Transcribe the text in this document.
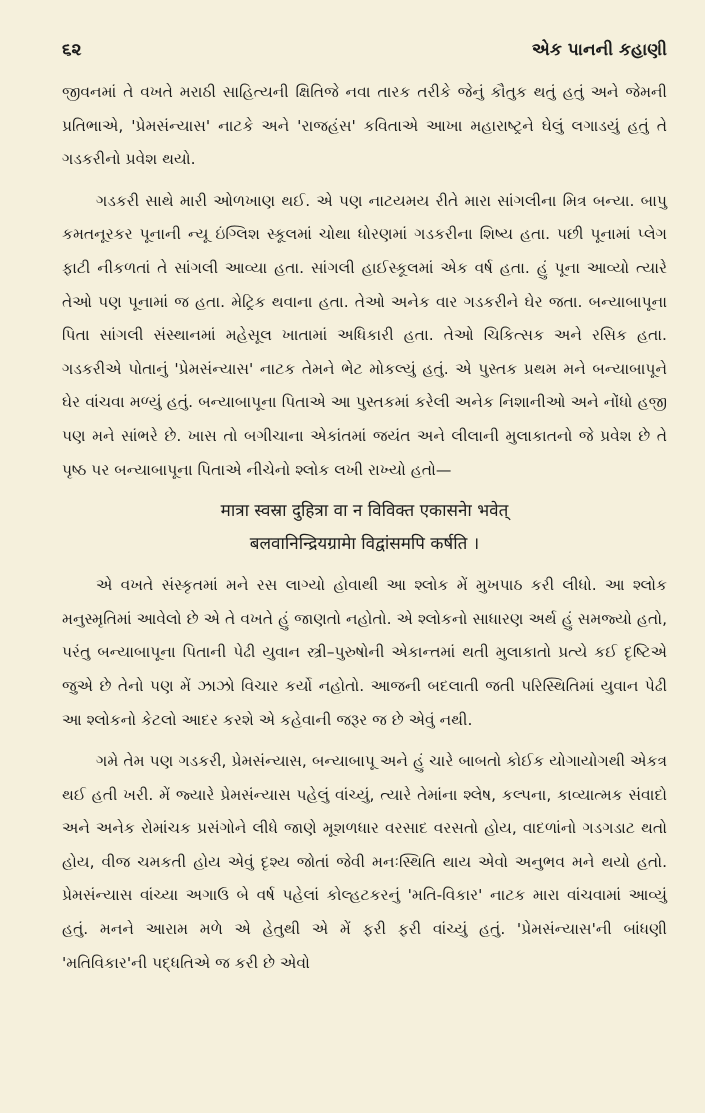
૬૨	એક પાનની કહાણી

જીવનમાં તે વખતે મરાઠી સાહિત્યની ક્ષિતિજે નવા તારક તરીકે જેનું કૌતુક થતું હતું અને જેમની પ્રતિભાએ, 'પ્રેમસંન્યાસ' નાટકે અને 'રાજહંસ' કવિતાએ આખા મહારાષ્ટ્રને ઘેલું લગાડયું હતું તે ગડકરીનો પ્રવેશ થયો.

ગડકરી સાથે મારી ઓળખાણ થઈ. એ પણ નાટયમય રીતે મારા સાંગલીના મિત્ર બન્યા. બાપુ કમતનૂરકર પૂનાની ન્યૂ ઇંગ્લિશ સ્કૂલમાં ચોથા ધોરણમાં ગડકરીના શિષ્ય હતા. પછી પૂનામાં પ્લેગ ફાટી નીકળતાં તે સાંગલી આવ્યા હતા. સાંગલી હાઈસ્કૂલમાં એક વર્ષ હતા. હું પૂના આવ્યો ત્યારે તેઓ પણ પૂનામાં જ હતા. મેટ્રિક થવાના હતા. તેઓ અનેક વાર ગડકરીને ઘેર જતા. બન્યાબાપૂના પિતા સાંગલી સંસ્થાનમાં મહેસૂલ ખાતામાં અધિકારી હતા. તેઓ ચિકિત્સક અને રસિક હતા. ગડકરીએ પોતાનું 'પ્રેમસંન્યાસ' નાટક તેમને ભેટ મોકલ્યું હતું. એ પુસ્તક પ્રથમ મને બન્યાબાપૂને ઘેર વાંચવા મળ્યું હતું. બન્યાબાપૂના પિતાએ આ પુસ્તકમાં કરેલી અનેક નિશાનીઓ અને નોંધો હજી પણ મને સાંભરે છે. ખાસ તો બગીચાના એકાંતમાં જયંત અને લીલાની મુલાકાતનો જે પ્રવેશ છે તે પૃષ્ઠ પર બન્યાબાપૂના પિતાએ નીચેનો શ્લોક લખી રાખ્યો હતો—

मात्रा स्वस्रा दुहित्रा वा न विविक्त एकासनेा भवेत्
बलवानिन्द्रियग्रामेा विद्वांसमपि कर्षति ।

એ વખતે સંસ્કૃતમાં મને રસ લાગ્યો હોવાથી આ શ્લોક મેં મુખપાઠ કરી લીધો. આ શ્લોક મનુસ્મૃતિમાં આવેલો છે એ તે વખતે હું જાણતો નહોતો. એ શ્લોકનો સાધારણ અર્થ હું સમજ્યો હતો, પરંતુ બન્યાબાપૂના પિતાની પેઢી યુવાન સ્ત્રી–પુરુષોની એકાન્તમાં થતી મુલાકાતો પ્રત્યે કઈ દૃષ્ટિએ જુએ છે તેનો પણ મેં ઝાઝો વિચાર કર્યો નહોતો. આજની બદલાતી જતી પરિસ્થિતિમાં યુવાન પેઢી આ શ્લોકનો કેટલો આદર કરશે એ કહેવાની જરૂર જ છે એવું નથી.

ગમે તેમ પણ ગડકરી, પ્રેમસંન્યાસ, બન્યાબાપૂ અને હું ચારે બાબતો કોઈક યોગાયોગથી એકત્ર થઈ હતી ખરી. મેં જ્યારે પ્રેમસંન્યાસ પહેલું વાંચ્યું, ત્યારે તેમાંના શ્લેષ, કલ્પના, કાવ્યાત્મક સંવાદો અને અનેક રોમાંચક પ્રસંગોને લીધે જાણે મૂશળધાર વરસાદ વરસતો હોય, વાદળાંનો ગડગડાટ થતો હોય, વીજ ચમકતી હોય એવું દૃશ્ય જોતાં જેવી મનઃસ્થિતિ થાય એવો અનુભવ મને થયો હતો. પ્રેમસંન્યાસ વાંચ્યા અગાઉ બે વર્ષ પહેલાં કોલ્હટકરનું 'મતિ-વિકાર' નાટક મારા વાંચવામાં આવ્યું હતું. મનને આરામ મળે એ હેતુથી એ મેં ફરી ફરી વાંચ્યું હતું. 'પ્રેમસંન્યાસ'ની બાંધણી 'મતિવિકાર'ની પદ્ધતિએ જ કરી છે એવો
